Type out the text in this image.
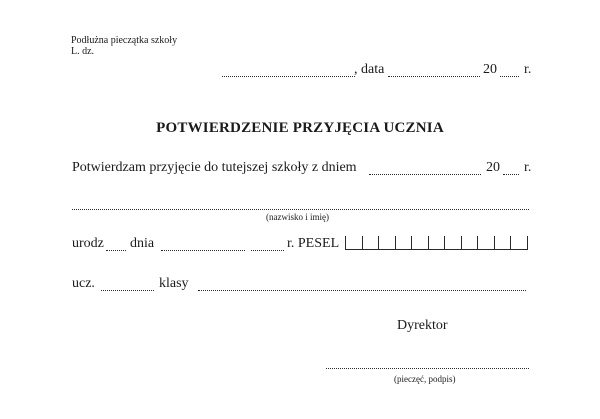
Podłużna pieczątka szkoły
L. dz.
, data	20 r.
POTWIERDZENIE PRZYJĘCIA UCZNIA
Potwierdzam przyjęcie do tutejszej szkoły z dniem	20 r.
(nazwisko i imię)
urodz dnia	r. PESEL
ucz.	klasy
Dyrektor
(pieczęć, podpis)
